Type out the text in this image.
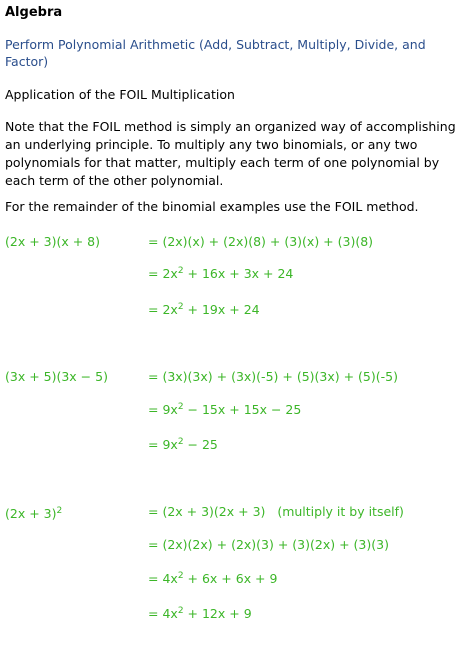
Algebra
Perform Polynomial Arithmetic (Add, Subtract, Multiply, Divide, and Factor)
Application of the FOIL Multiplication
Note that the FOIL method is simply an organized way of accomplishing an underlying principle. To multiply any two binomials, or any two polynomials for that matter, multiply each term of one polynomial by each term of the other polynomial.
For the remainder of the binomial examples use the FOIL method.
(2x + 3)(x + 8)	= (2x)(x) + (2x)(8) + (3)(x) + (3)(8)
= $2x^2 + 16x + 3x + 24$
= $2x^2 + 19x + 24$
(3x + 5)(3x − 5)	= (3x)(3x) + (3x)(-5) + (5)(3x) + (5)(-5)
= $9x^2 - 15x + 15x - 25$
= $9x^2 - 25$
$(2x + 3)^2$	= (2x + 3)(2x + 3)   (multiply it by itself)
= (2x)(2x) + (2x)(3) + (3)(2x) + (3)(3)
= $4x^2 + 6x + 6x + 9$
= $4x^2 + 12x + 9$
